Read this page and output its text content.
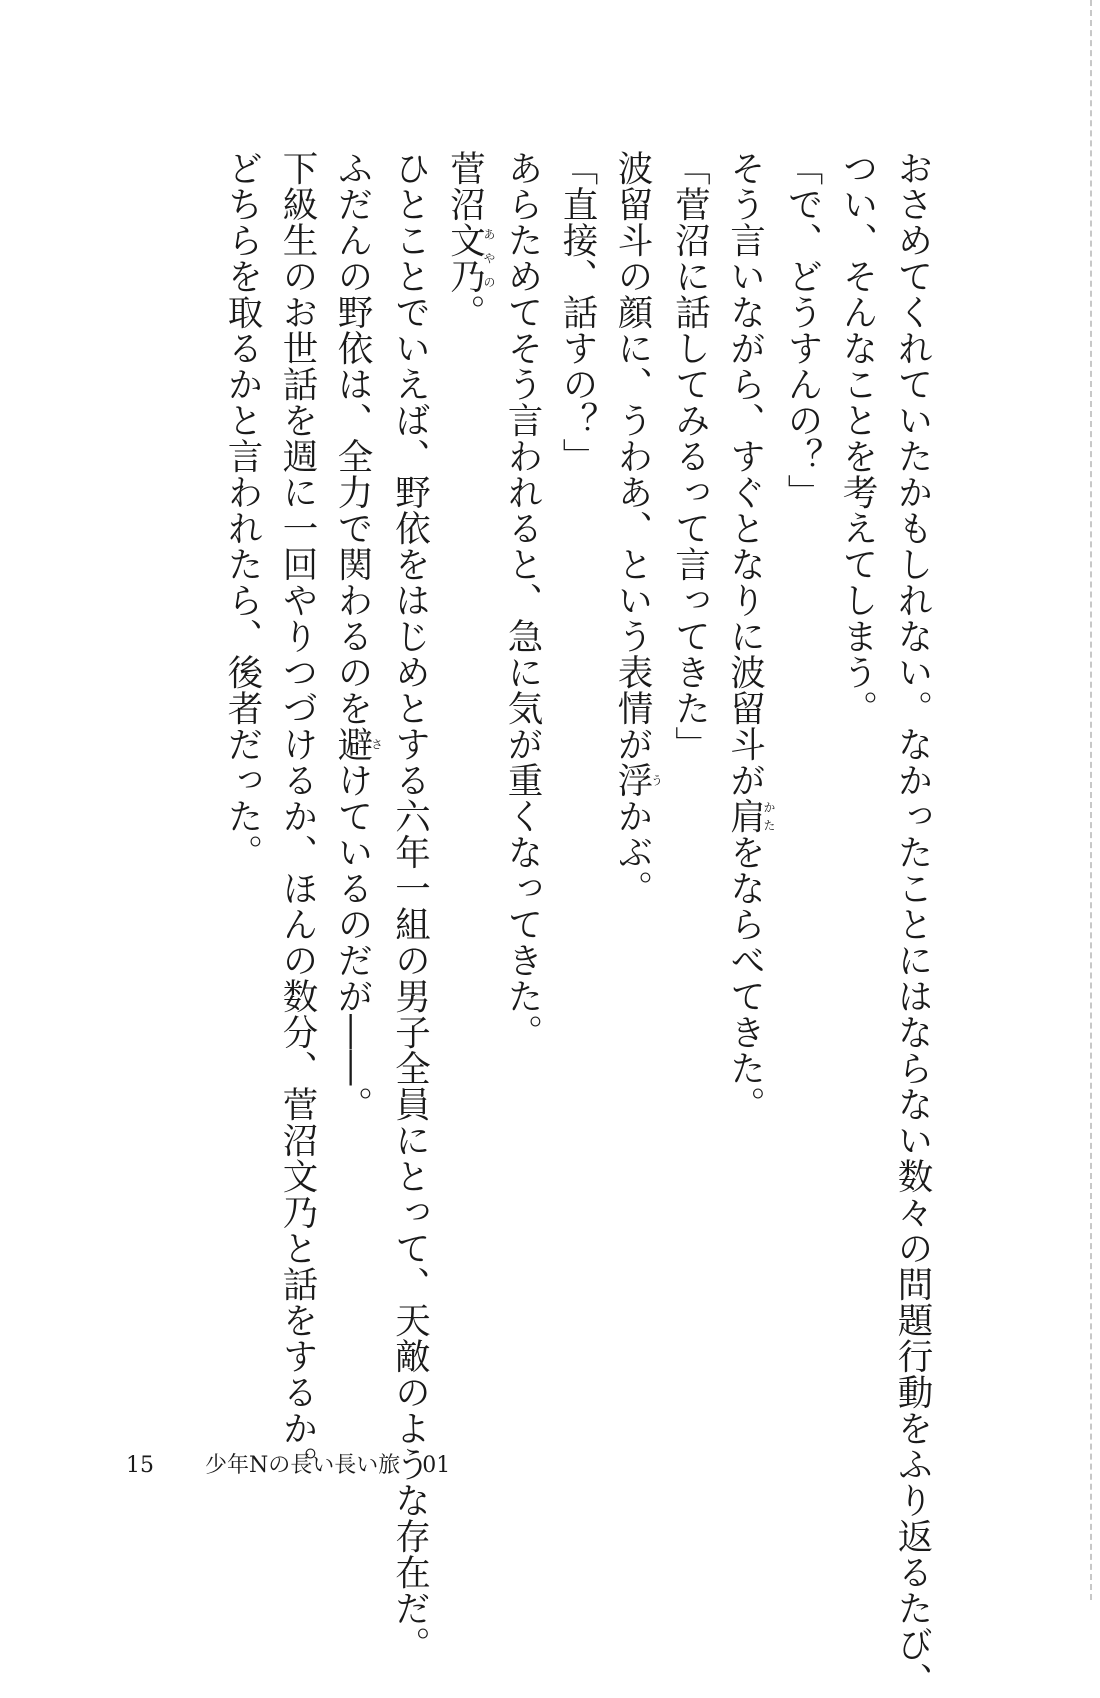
おさめてくれていたかもしれない。なかったことにはならない数々の問題行動をふり返るたび、

つい、そんなことを考えてしまう。

「で、どうすんの？」

そう言いながら、すぐとなりに波留斗が肩かたをならべてきた。

「菅沼に話してみるって言ってきた」

波留斗の顔に、うわあ、という表情が浮うかぶ。

「直接、話すの？」

あらためてそう言われると、急に気が重くなってきた。

菅沼文乃あやの。

ひとことでいえば、野依をはじめとする六年一組の男子全員にとって、天敵のような存在だ。

ふだんの野依は、全力で関わるのを避さけているのだが――。

下級生のお世話を週に一回やりつづけるか、ほんの数分、菅沼文乃と話をするか。

どちらを取るかと言われたら、後者だった。

15 少年Nの長い長い旅　01
